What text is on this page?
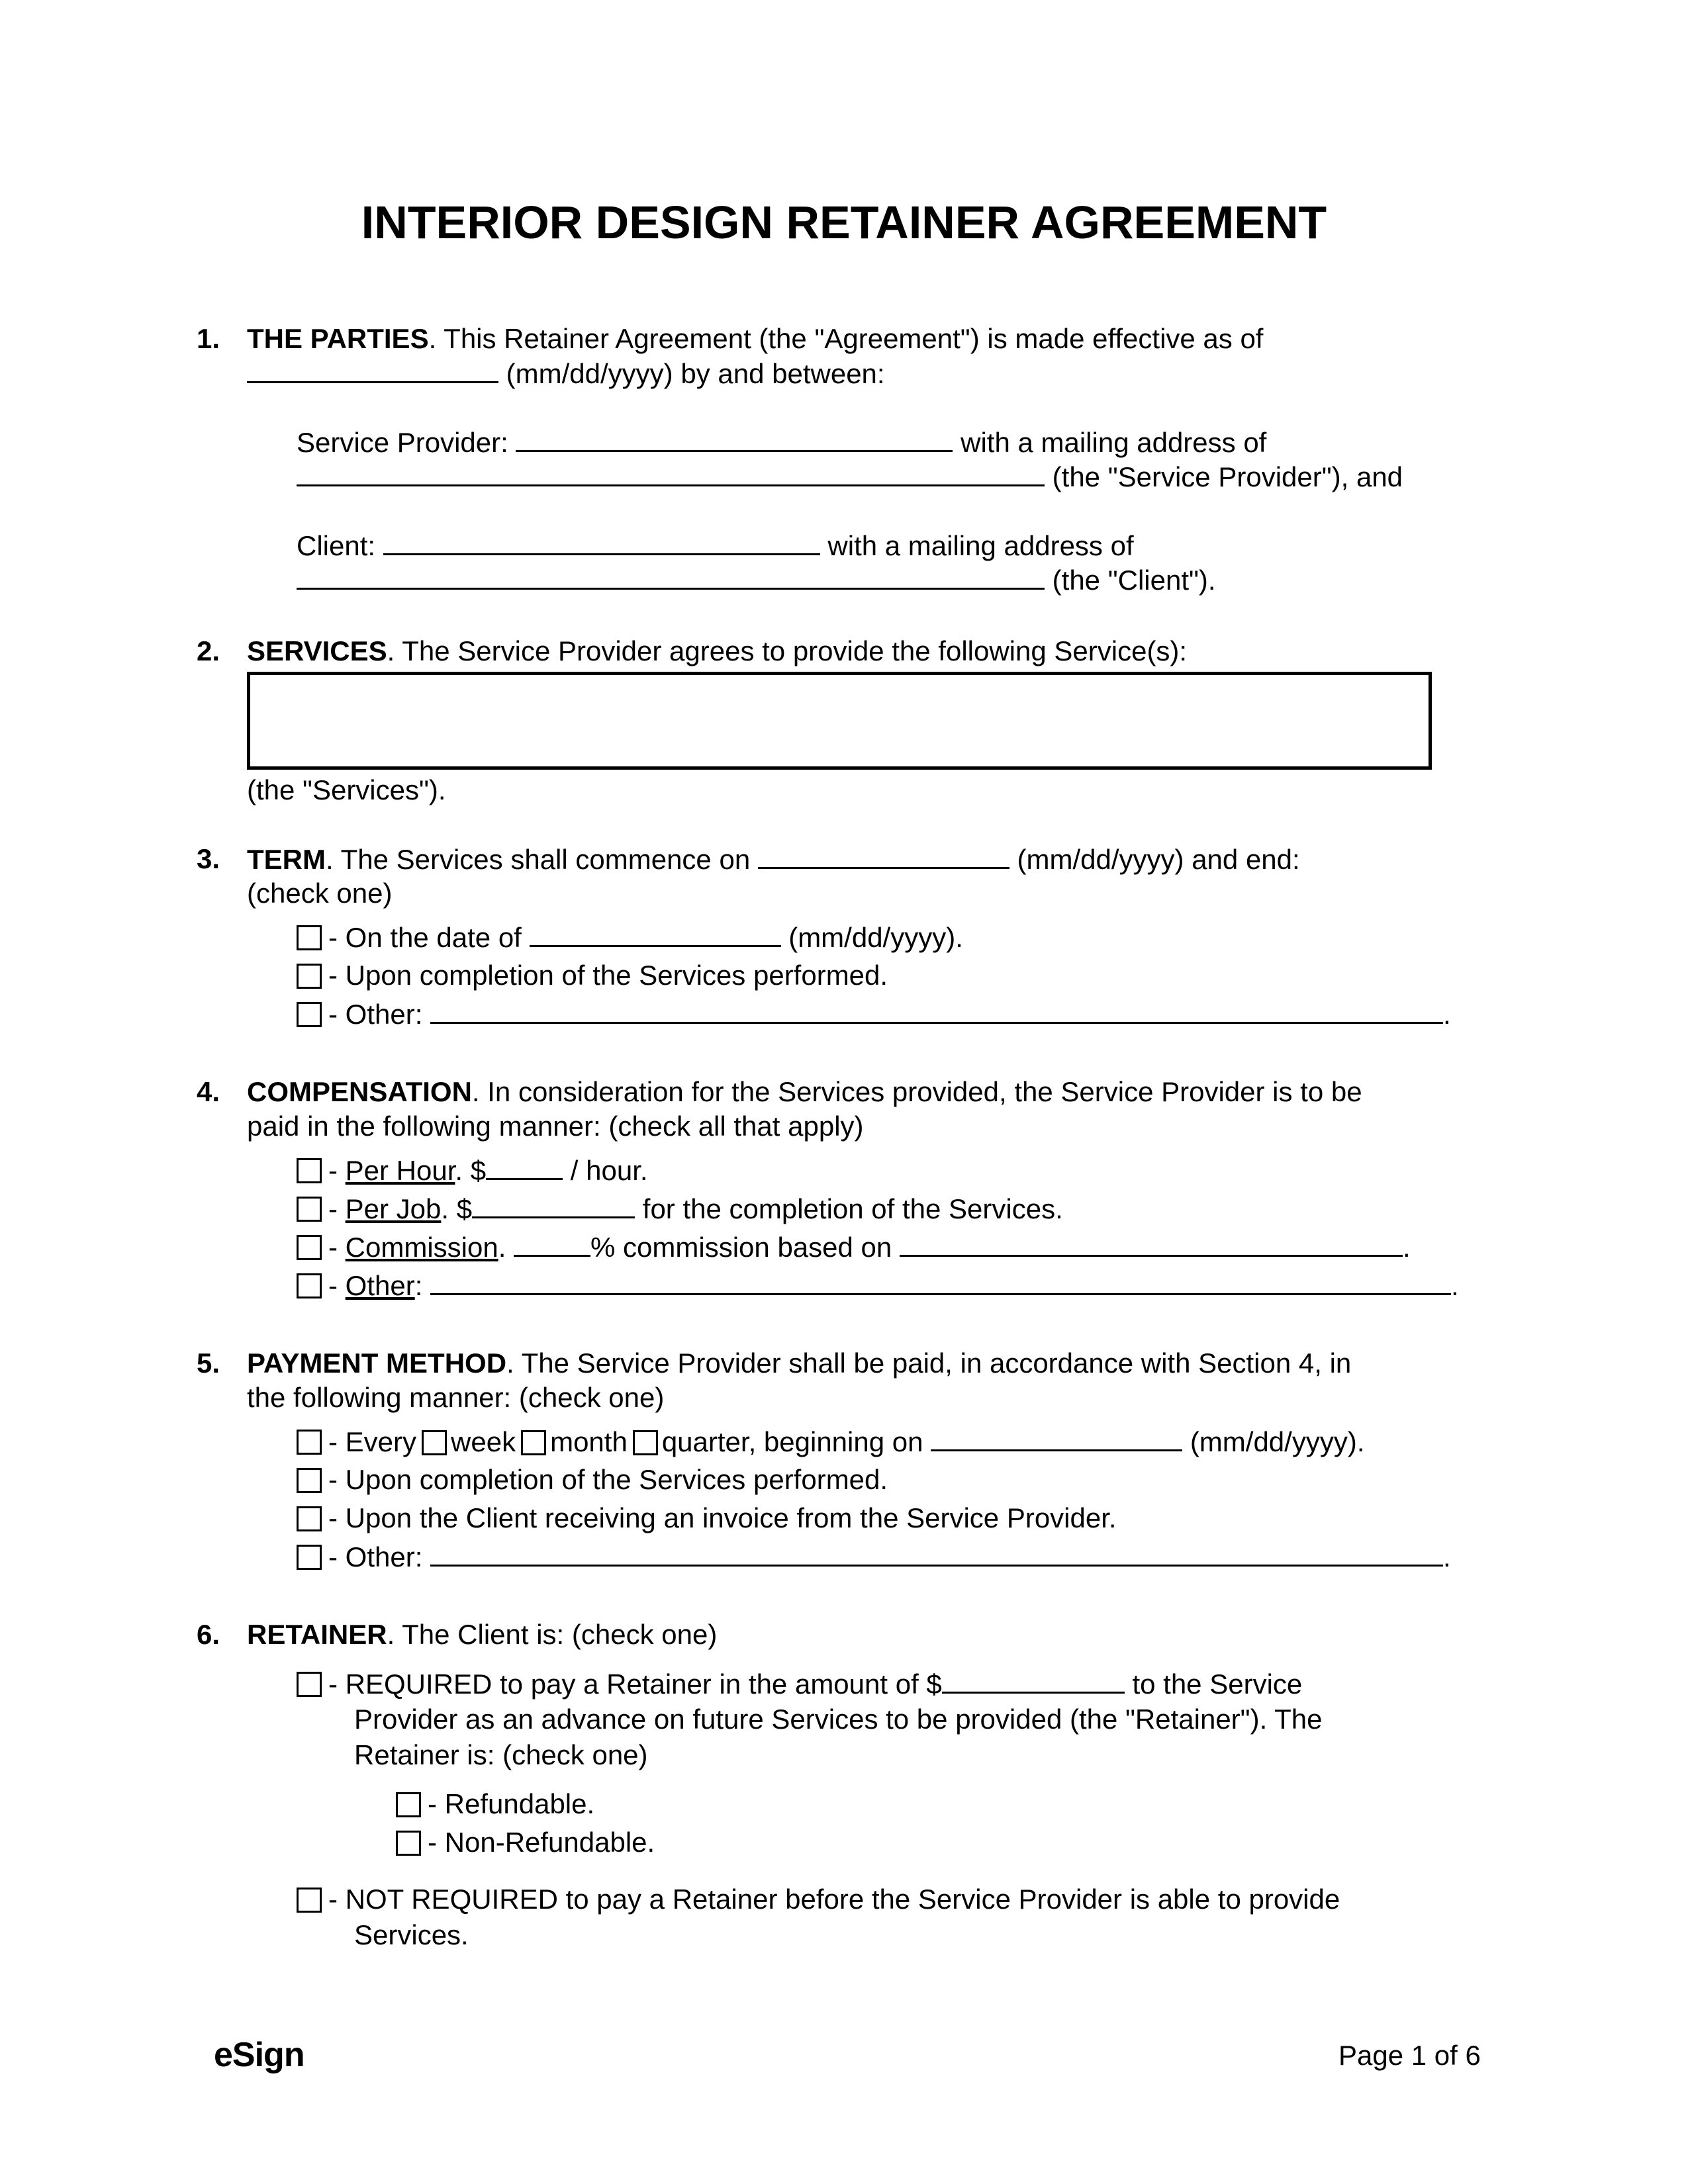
INTERIOR DESIGN RETAINER AGREEMENT
1. THE PARTIES. This Retainer Agreement (the "Agreement") is made effective as of
(mm/dd/yyyy) by and between:
Service Provider:	with a mailing address of
(the "Service Provider"), and
Client:	with a mailing address of
(the "Client").
2. SERVICES. The Service Provider agrees to provide the following Service(s):
(the "Services").
3. TERM. The Services shall commence on	(mm/dd/yyyy) and end:
(check one)
- On the date of	(mm/dd/yyyy).
- Upon completion of the Services performed.
- Other:	.
4. COMPENSATION. In consideration for the Services provided, the Service Provider is to be
paid in the following manner: (check all that apply)
- Per Hour. $	/ hour.
- Per Job. $	for the completion of the Services.
- Commission.	% commission based on	.
- Other:	.
5. PAYMENT METHOD. The Service Provider shall be paid, in accordance with Section 4, in
the following manner: (check one)
- Every week month quarter, beginning on	(mm/dd/yyyy).
- Upon completion of the Services performed.
- Upon the Client receiving an invoice from the Service Provider.
- Other:	.
6. RETAINER. The Client is: (check one)
- REQUIRED to pay a Retainer in the amount of $	to the Service
Provider as an advance on future Services to be provided (the "Retainer"). The
Retainer is: (check one)
- Refundable.
- Non-Refundable.
- NOT REQUIRED to pay a Retainer before the Service Provider is able to provide
Services.
eSign	Page 1 of 6
